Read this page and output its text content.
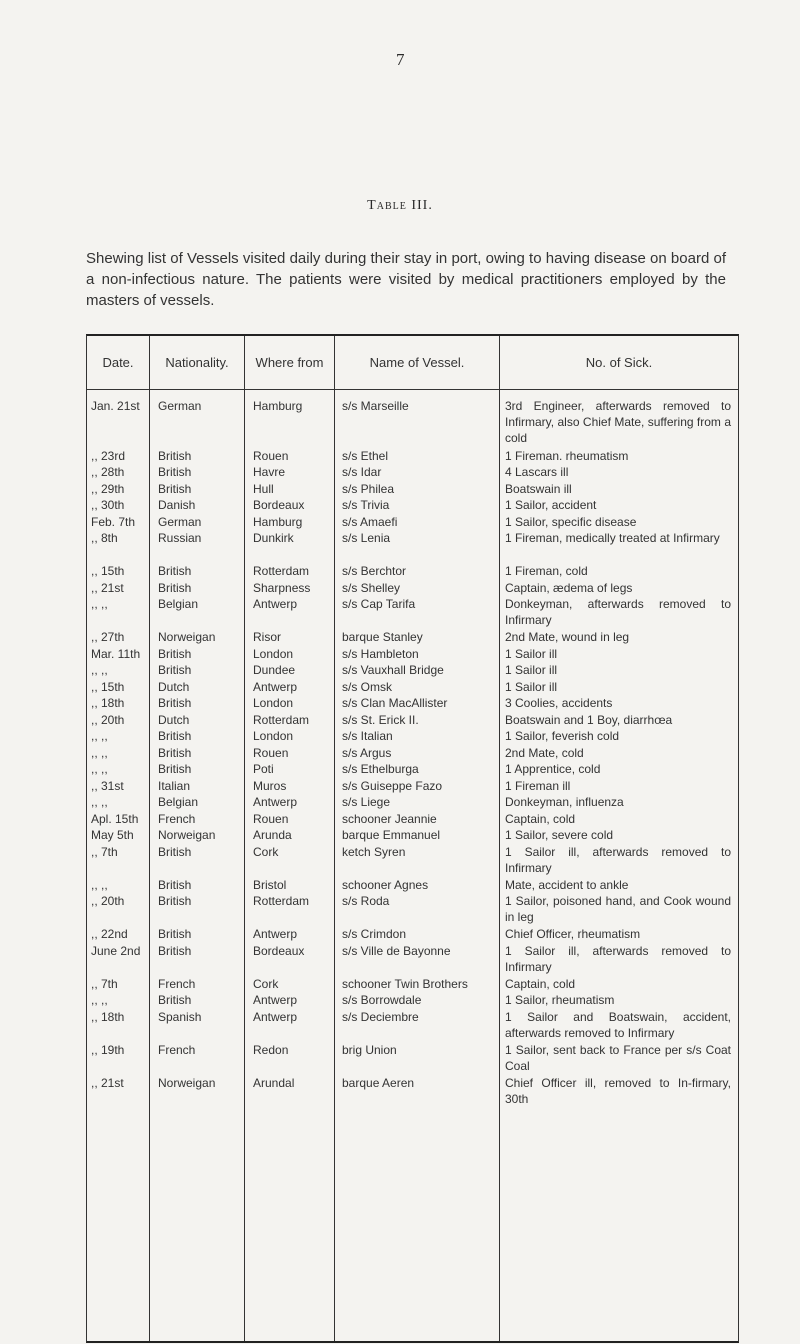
7
Table III.
Shewing list of Vessels visited daily during their stay in port, owing to having disease on board of a non-infectious nature. The patients were visited by medical practitioners employed by the masters of vessels.
Date.	Nationality.	Where from	Name of Vessel.	No. of Sick.
Jan. 21st	German	Hamburg	s/s Marseille	3rd Engineer, afterwards removed to Infirmary, also Chief Mate, suffering from a cold
,, 23rd	British	Rouen	s/s Ethel	1 Fireman. rheumatism
,, 28th	British	Havre	s/s Idar	4 Lascars ill
,, 29th	British	Hull	s/s Philea	Boatswain ill
,, 30th	Danish	Bordeaux	s/s Trivia	1 Sailor, accident
Feb. 7th	German	Hamburg	s/s Amaefi	1 Sailor, specific disease
,, 8th	Russian	Dunkirk	s/s Lenia	1 Fireman, medically treated at Infirmary
,, 15th	British	Rotterdam	s/s Berchtor	1 Fireman, cold
,, 21st	British	Sharpness	s/s Shelley	Captain, ædema of legs
,, ,,	Belgian	Antwerp	s/s Cap Tarifa	Donkeyman, afterwards removed to Infirmary
,, 27th	Norweigan	Risor	barque Stanley	2nd Mate, wound in leg
Mar. 11th	British	London	s/s Hambleton	1 Sailor ill
,, ,,	British	Dundee	s/s Vauxhall Bridge	1 Sailor ill
,, 15th	Dutch	Antwerp	s/s Omsk	1 Sailor ill
,, 18th	British	London	s/s Clan MacAllister	3 Coolies, accidents
,, 20th	Dutch	Rotterdam	s/s St. Erick II.	Boatswain and 1 Boy, diarrhœa
,, ,,	British	London	s/s Italian	1 Sailor, feverish cold
,, ,,	British	Rouen	s/s Argus	2nd Mate, cold
,, ,,	British	Poti	s/s Ethelburga	1 Apprentice, cold
,, 31st	Italian	Muros	s/s Guiseppe Fazo	1 Fireman ill
,, ,,	Belgian	Antwerp	s/s Liege	Donkeyman, influenza
Apl. 15th	French	Rouen	schooner Jeannie	Captain, cold
May 5th	Norweigan	Arunda	barque Emmanuel	1 Sailor, severe cold
,, 7th	British	Cork	ketch Syren	1 Sailor ill, afterwards removed to Infirmary
,, ,,	British	Bristol	schooner Agnes	Mate, accident to ankle
,, 20th	British	Rotterdam	s/s Roda	1 Sailor, poisoned hand, and Cook wound in leg
,, 22nd	British	Antwerp	s/s Crimdon	Chief Officer, rheumatism
June 2nd	British	Bordeaux	s/s Ville de Bayonne	1 Sailor ill, afterwards removed to Infirmary
,, 7th	French	Cork	schooner Twin Brothers	Captain, cold
,, ,,	British	Antwerp	s/s Borrowdale	1 Sailor, rheumatism
,, 18th	Spanish	Antwerp	s/s Deciembre	1 Sailor and Boatswain, accident, afterwards removed to Infirmary
,, 19th	French	Redon	brig Union	1 Sailor, sent back to France per s/s Coat Coal
,, 21st	Norweigan	Arundal	barque Aeren	Chief Officer ill, removed to In-firmary, 30th
